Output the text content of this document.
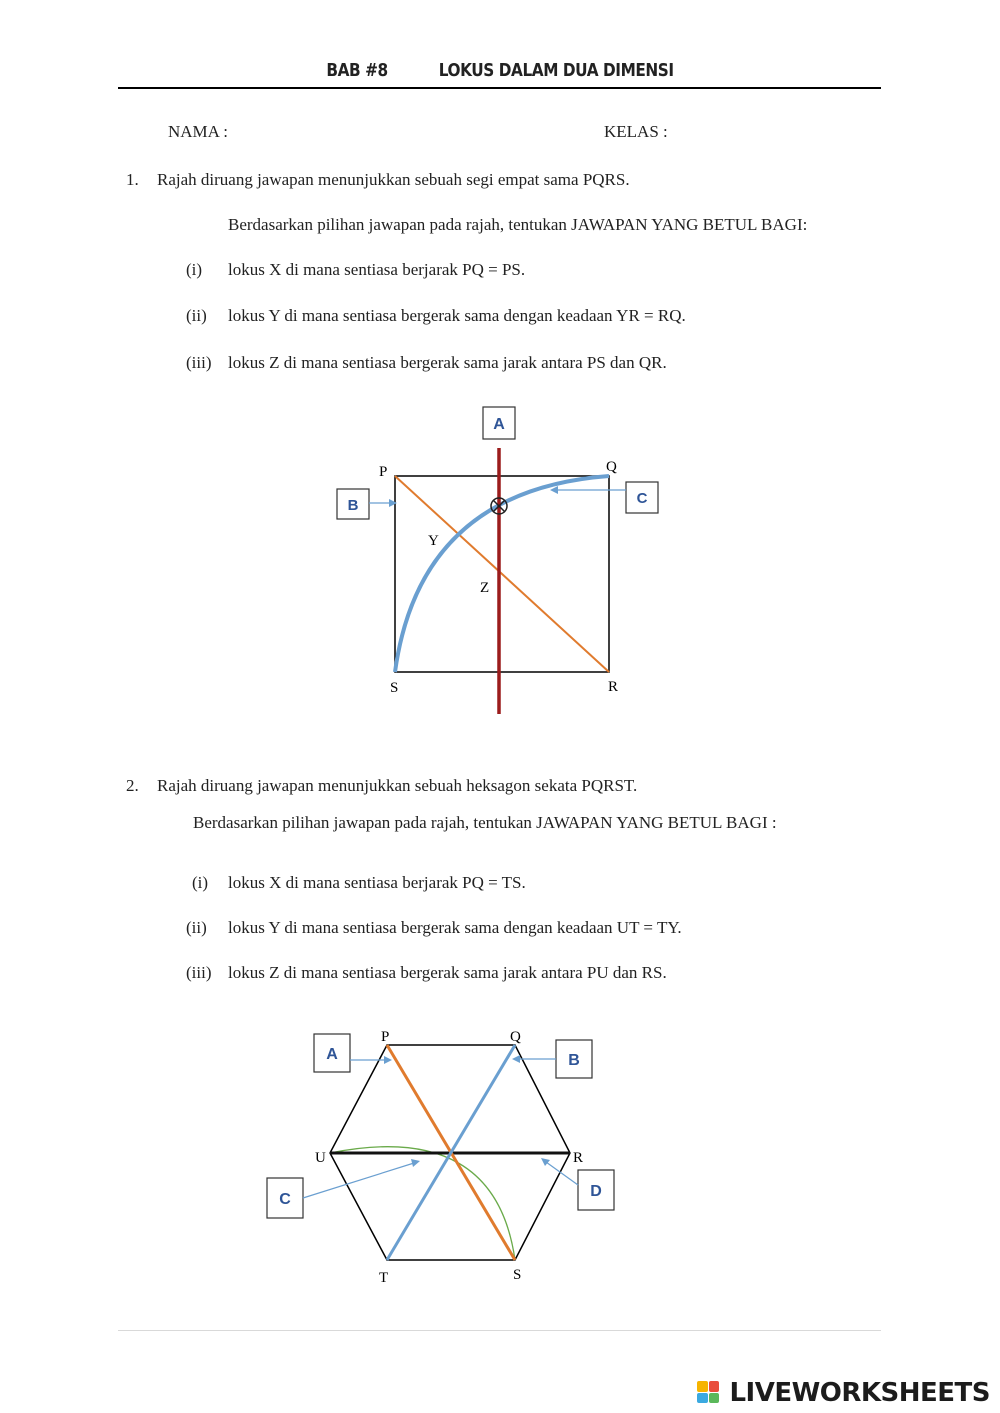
BAB #8	LOKUS DALAM DUA DIMENSI
NAMA :	KELAS :
1. Rajah diruang jawapan menunjukkan sebuah segi empat sama PQRS.
Berdasarkan pilihan jawapan pada rajah, tentukan JAWAPAN YANG BETUL BAGI:
(i) lokus X di mana sentiasa berjarak PQ = PS.
(ii) lokus Y di mana sentiasa bergerak sama dengan keadaan YR = RQ.
(iii) lokus Z di mana sentiasa bergerak sama jarak antara PS dan QR.
P	Q
R
S
Y
Z
A
B	C
2. Rajah diruang jawapan menunjukkan sebuah heksagon sekata PQRST.
Berdasarkan pilihan jawapan pada rajah, tentukan JAWAPAN YANG BETUL BAGI :
(i) lokus X di mana sentiasa berjarak PQ = TS.
(ii) lokus Y di mana sentiasa bergerak sama dengan keadaan UT = TY.
(iii) lokus Z di mana sentiasa bergerak sama jarak antara PU dan RS.
P	Q
R
S
T
U
A	B
C	D
LIVEWORKSHEETS
